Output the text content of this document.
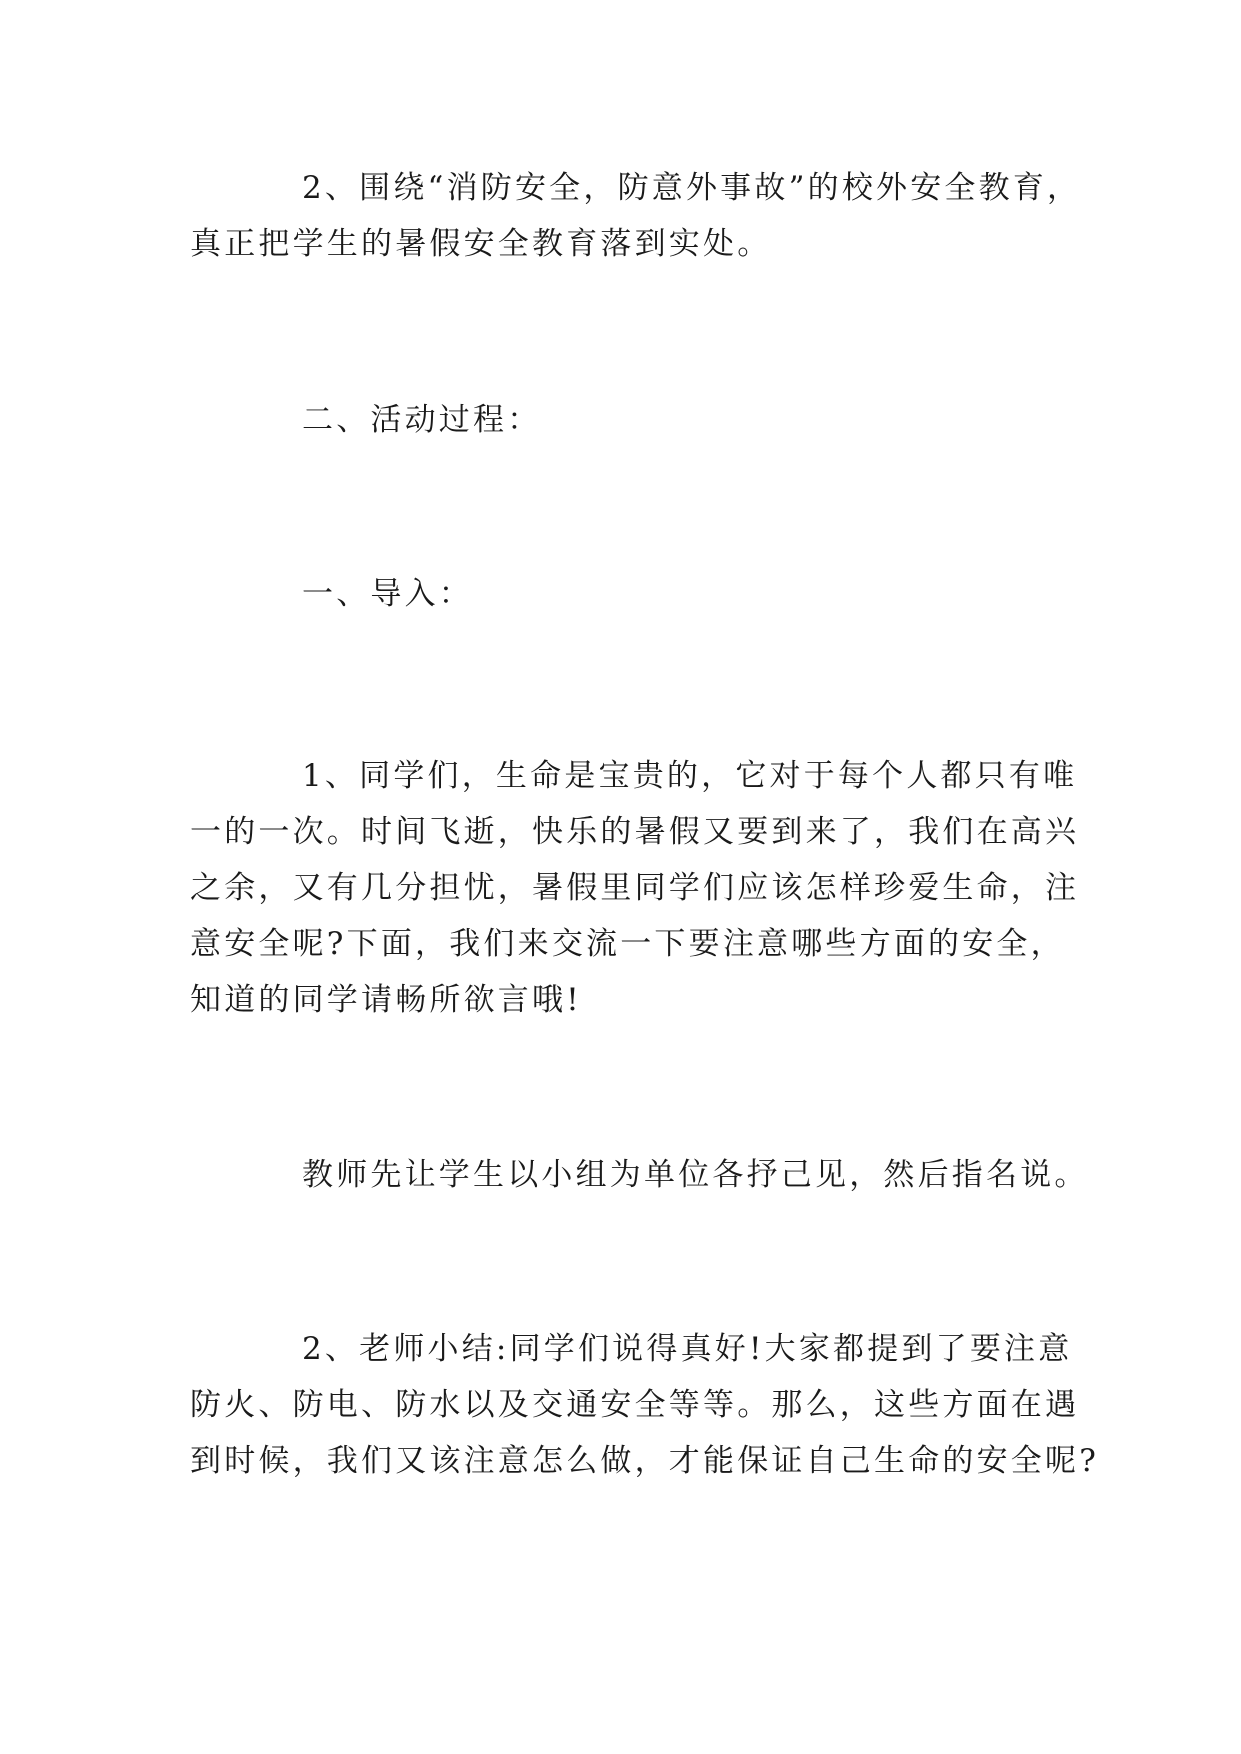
2、围绕“消防安全，防意外事故”的校外安全教育，
真正把学生的暑假安全教育落到实处。
二、活动过程：
一、导入：
1、同学们，生命是宝贵的，它对于每个人都只有唯
一的一次。时间飞逝，快乐的暑假又要到来了，我们在高兴
之余，又有几分担忧，暑假里同学们应该怎样珍爱生命，注
意安全呢?下面，我们来交流一下要注意哪些方面的安全，
知道的同学请畅所欲言哦!
教师先让学生以小组为单位各抒己见，然后指名说。
2、老师小结:同学们说得真好!大家都提到了要注意
防火、防电、防水以及交通安全等等。那么，这些方面在遇
到时候，我们又该注意怎么做，才能保证自己生命的安全呢?
